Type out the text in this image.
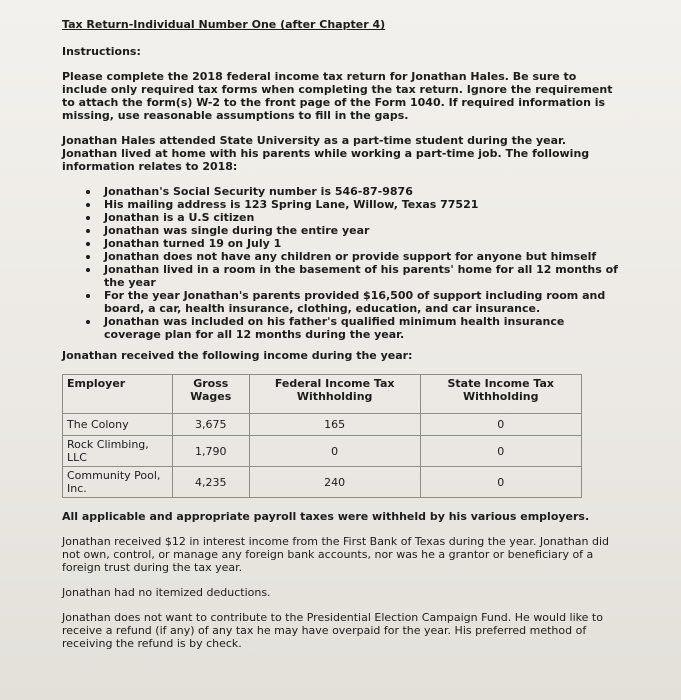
Tax Return-Individual Number One (after Chapter 4)

Instructions:

Please complete the 2018 federal income tax return for Jonathan Hales. Be sure to include only required tax forms when completing the tax return. Ignore the requirement to attach the form(s) W-2 to the front page of the Form 1040. If required information is missing, use reasonable assumptions to fill in the gaps.

Jonathan Hales attended State University as a part-time student during the year. Jonathan lived at home with his parents while working a part-time job. The following information relates to 2018:

Jonathan's Social Security number is 546-87-9876
His mailing address is 123 Spring Lane, Willow, Texas 77521
Jonathan is a U.S citizen
Jonathan was single during the entire year
Jonathan turned 19 on July 1
Jonathan does not have any children or provide support for anyone but himself
Jonathan lived in a room in the basement of his parents' home for all 12 months of the year
For the year Jonathan's parents provided $16,500 of support including room and board, a car, health insurance, clothing, education, and car insurance.
Jonathan was included on his father's qualified minimum health insurance coverage plan for all 12 months during the year.

Jonathan received the following income during the year:

Employer	Gross Wages	Federal Income Tax Withholding	State Income Tax Withholding
The Colony	3,675	165	0
Rock Climbing, LLC	1,790	0	0
Community Pool, Inc.	4,235	240	0

All applicable and appropriate payroll taxes were withheld by his various employers.

Jonathan received $12 in interest income from the First Bank of Texas during the year. Jonathan did not own, control, or manage any foreign bank accounts, nor was he a grantor or beneficiary of a foreign trust during the tax year.

Jonathan had no itemized deductions.

Jonathan does not want to contribute to the Presidential Election Campaign Fund. He would like to receive a refund (if any) of any tax he may have overpaid for the year. His preferred method of receiving the refund is by check.
